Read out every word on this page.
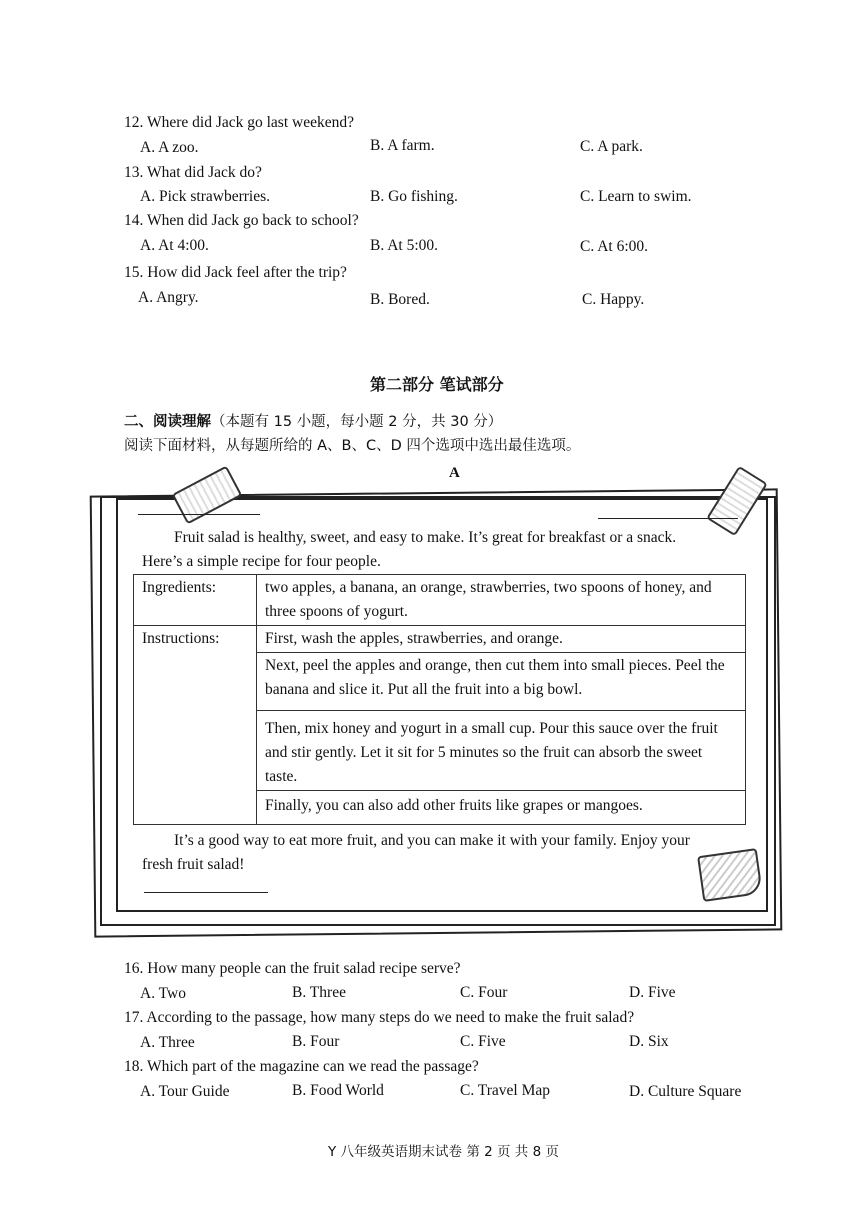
12. Where did Jack go last weekend?
A. A zoo.	B. A farm.	C. A park.
13. What did Jack do?
A. Pick strawberries.	B. Go fishing.	C. Learn to swim.
14. When did Jack go back to school?
A. At 4:00.	B. At 5:00.	C. At 6:00.
15. How did Jack feel after the trip?
A. Angry.	B. Bored.	C. Happy.
第二部分 笔试部分
二、阅读理解（本题有 15 小题，每小题 2 分，共 30 分）
阅读下面材料，从每题所给的 A、B、C、D 四个选项中选出最佳选项。
A
Fruit salad is healthy, sweet, and easy to make. It’s great for breakfast or a snack.
Here’s a simple recipe for four people.
Ingredients:	two apples, a banana, an orange, strawberries, two spoons of honey, and three spoons of yogurt.
Instructions:	First, wash the apples, strawberries, and orange.
	Next, peel the apples and orange, then cut them into small pieces. Peel the banana and slice it. Put all the fruit into a big bowl.
	Then, mix honey and yogurt in a small cup. Pour this sauce over the fruit and stir gently. Let it sit for 5 minutes so the fruit can absorb the sweet taste.
	Finally, you can also add other fruits like grapes or mangoes.
It’s a good way to eat more fruit, and you can make it with your family. Enjoy your
fresh fruit salad!
16. How many people can the fruit salad recipe serve?
A. Two	B. Three	C. Four	D. Five
17. According to the passage, how many steps do we need to make the fruit salad?
A. Three	B. Four	C. Five	D. Six
18. Which part of the magazine can we read the passage?
A. Tour Guide	B. Food World	C. Travel Map	D. Culture Square
Y 八年级英语期末试卷 第 2 页 共 8 页
